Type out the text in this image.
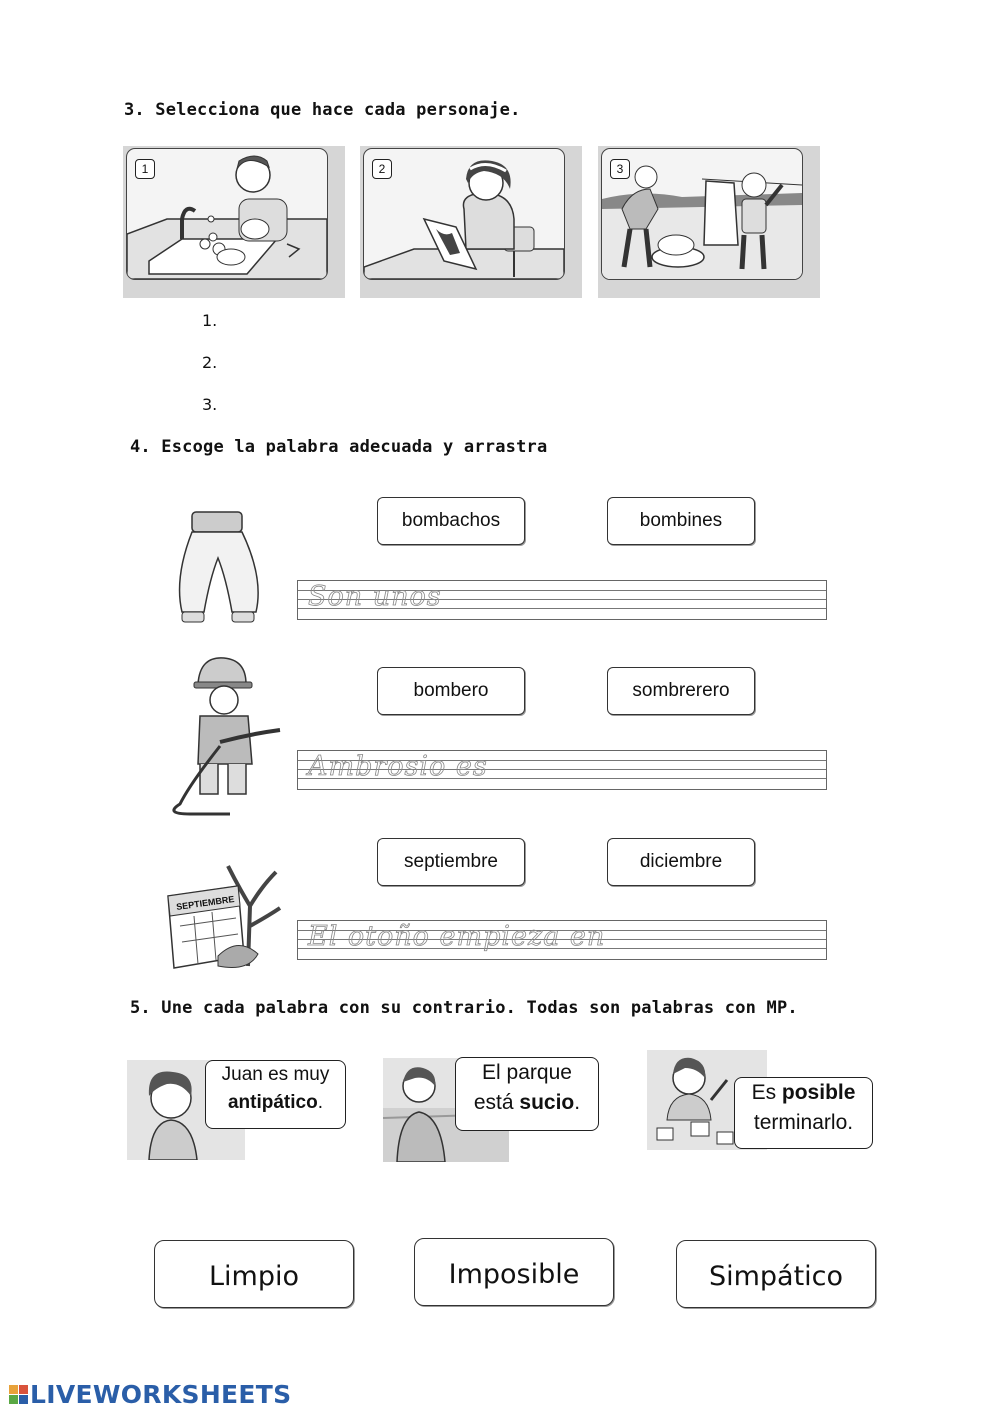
3. Selecciona que hace cada personaje.
1	2	3
1.
2.
3.
4. Escoge la palabra adecuada y arrastra
bombachos	bombines
Son unos
bombero	sombrerero
Ambrosio es
SEPTIEMBRE
septiembre	diciembre
El otoño empieza en
5. Une cada palabra con su contrario. Todas son palabras con MP.
Juan es muy
antipático.
El parque
está sucio.	Es posible
terminarlo.
Limpio	Imposible	Simpático
LIVEWORKSHEETS
